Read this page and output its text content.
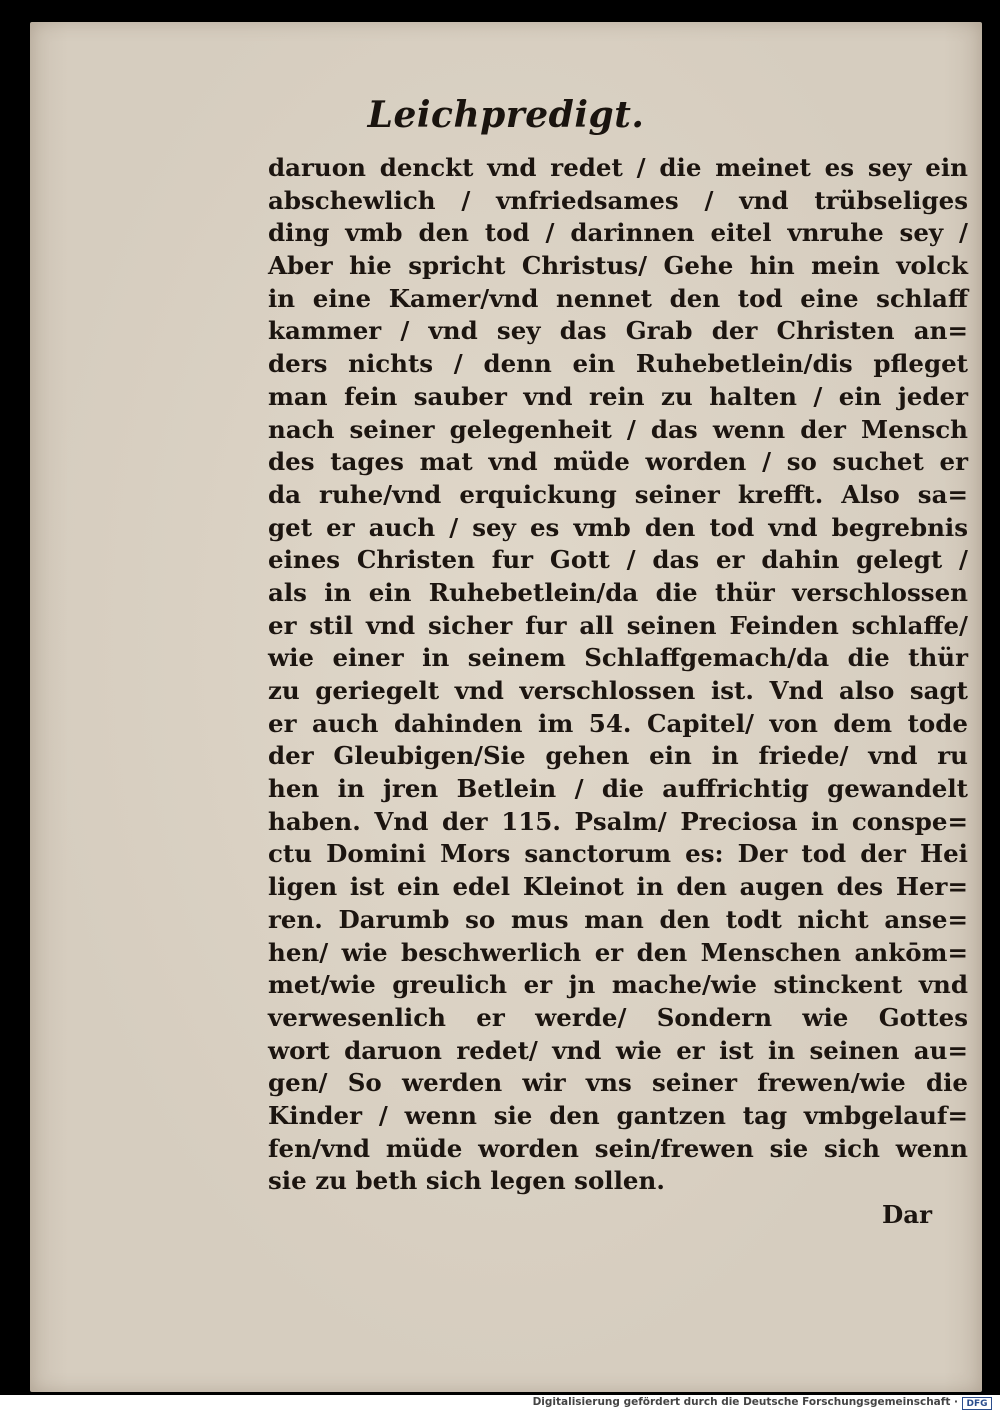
Leichpredigt.
daruon denckt vnd redet / die meinet es sey ein
abschewlich / vnfriedsames / vnd trübseliges
ding vmb den tod / darinnen eitel vnruhe sey /
Aber hie spricht Christus/ Gehe hin mein volck
in eine Kamer/vnd nennet den tod eine schlaff
kammer / vnd sey das Grab der Christen an=
ders nichts / denn ein Ruhebetlein/dis pfleget
man fein sauber vnd rein zu halten / ein jeder
nach seiner gelegenheit / das wenn der Mensch
des tages mat vnd müde worden / so suchet er
da ruhe/vnd erquickung seiner krefft. Also sa=
get er auch / sey es vmb den tod vnd begrebnis
eines Christen fur Gott / das er dahin gelegt /
als in ein Ruhebetlein/da die thür verschlossen
er stil vnd sicher fur all seinen Feinden schlaffe/
wie einer in seinem Schlaffgemach/da die thür
zu geriegelt vnd verschlossen ist. Vnd also sagt
er auch dahinden im 54. Capitel/ von dem tode
der Gleubigen/Sie gehen ein in friede/ vnd ru
hen in jren Betlein / die auffrichtig gewandelt
haben. Vnd der 115. Psalm/ Preciosa in conspe=
ctu Domini Mors sanctorum es: Der tod der Hei
ligen ist ein edel Kleinot in den augen des Her=
ren. Darumb so mus man den todt nicht anse=
hen/ wie beschwerlich er den Menschen ankōm=
met/wie greulich er jn mache/wie stinckent vnd
verwesenlich er werde/ Sondern wie Gottes
wort daruon redet/ vnd wie er ist in seinen au=
gen/ So werden wir vns seiner frewen/wie die
Kinder / wenn sie den gantzen tag vmbgelauf=
fen/vnd müde worden sein/frewen sie sich wenn
sie zu beth sich legen sollen.
Dar
Digitalisierung gefördert durch die Deutsche Forschungsgemeinschaft · DFG
